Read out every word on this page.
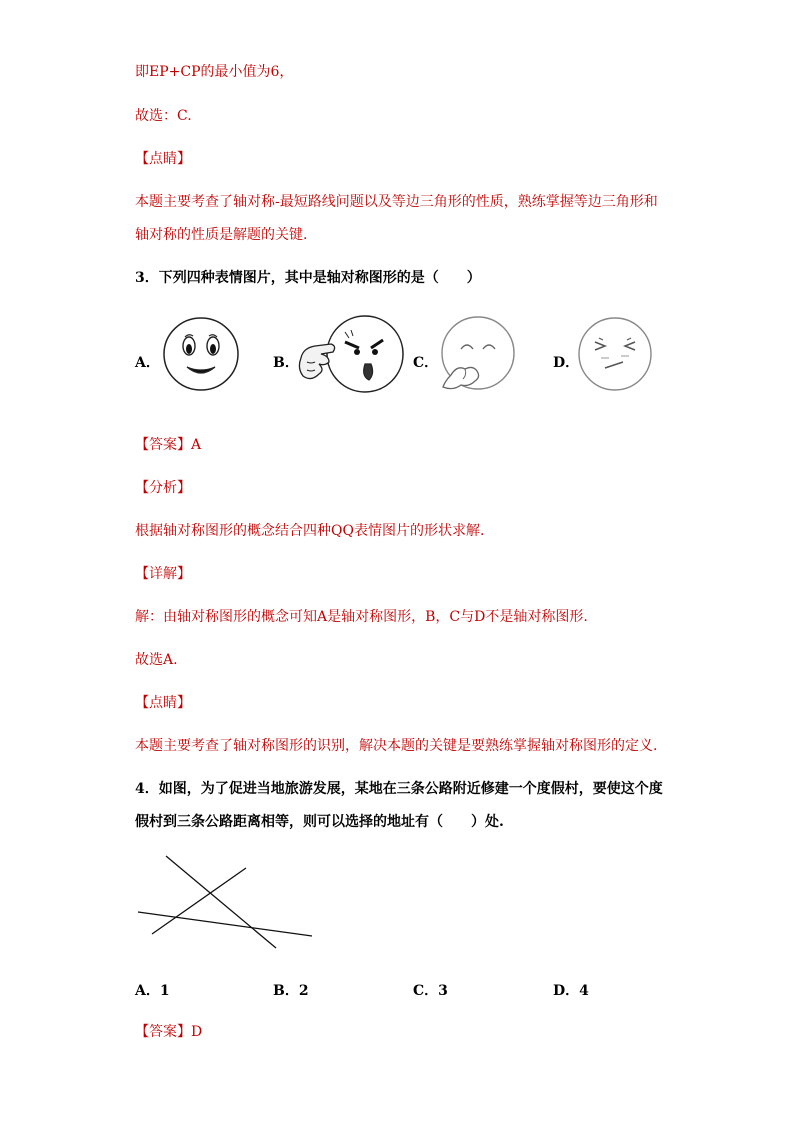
即EP+CP的最小值为6，
故选：C.
【点睛】
本题主要考查了轴对称-最短路线问题以及等边三角形的性质，熟练掌握等边三角形和
轴对称的性质是解题的关键.
3．下列四种表情图片，其中是轴对称图形的是（　　）
A．	B．	C．	D．
【答案】A
【分析】
根据轴对称图形的概念结合四种QQ表情图片的形状求解.
【详解】
解：由轴对称图形的概念可知A是轴对称图形，B，C与D不是轴对称图形.
故选A.
【点睛】
本题主要考查了轴对称图形的识别，解决本题的关键是要熟练掌握轴对称图形的定义.
4．如图，为了促进当地旅游发展，某地在三条公路附近修建一个度假村，要使这个度
假村到三条公路距离相等，则可以选择的地址有（　　）处.
A．1	B．2	C．3	D．4
【答案】D
